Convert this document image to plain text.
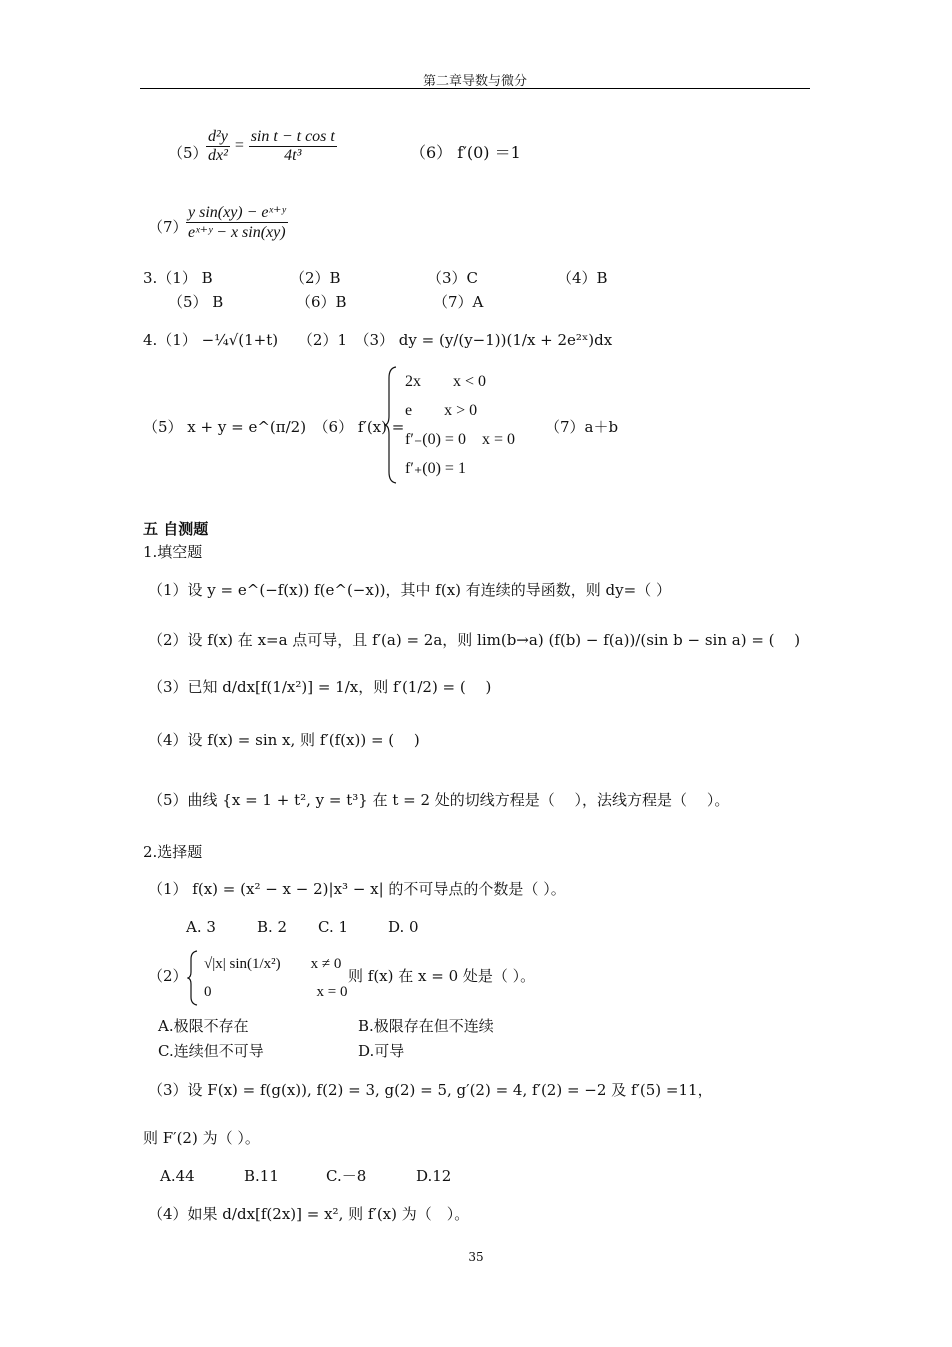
第二章导数与微分
（5）
$\frac{\text{d²y}}{\text{dx²}} = \frac{\text{sin t − t cos t}}{\text{4t³}}$	（6） f′(0) ＝1
（7）
$\frac{\text{y sin(xy) − eˣ⁺ʸ}}{\text{eˣ⁺ʸ − x sin(xy)}}$
3.（1） B	（2）B	（3）C	（4）B
（5） B	（6）B	（7）A
4.（1） −¼√(1+t)　 （2）1　（3） dy = (y/(y−1))(1/x + 2e²ˣ)dx
（5） x + y = e^(π/2)　（6） f′(x) =
2x　　x < 0
e　　x > 0
f′₋(0) = 0　x = 0
f′₊(0) = 1
（7）a＋b
五 自测题
1.填空题
（1）设 y = e^(−f(x)) f(e^(−x))，其中 f(x) 有连续的导函数，则 dy=（ ）
（2）设 f(x) 在 x=a 点可导，且 f′(a) = 2a，则 lim(b→a) (f(b) − f(a))/(sin b − sin a) = (　 )
（3）已知 d/dx[f(1/x²)] = 1/x，则 f′(1/2) = (　 )
（4）设 f(x) = sin x, 则 f′(f(x)) = (　 )
（5）曲线 {x = 1 + t², y = t³} 在 t = 2 处的切线方程是（　 ），法线方程是（　 ）。
2.选择题
（1） f(x) = (x² − x − 2)|x³ − x| 的不可导点的个数是（ ）。
A. 3	B. 2 C. 1	D. 0
（2）
√|x| sin(1/x²)　　x ≠ 0
0　　　　　　　x = 0
则 f(x) 在 x = 0 处是（ ）。
A.极限不存在	B.极限存在但不连续
C.连续但不可导	D.可导
（3）设 F(x) = f(g(x)), f(2) = 3, g(2) = 5, g′(2) = 4, f′(2) = −2 及 f′(5) =11，
则 F′(2) 为（ ）。
A.44	B.11	C.－8	D.12
（4）如果 d/dx[f(2x)] = x², 则 f′(x) 为（　）。
35
